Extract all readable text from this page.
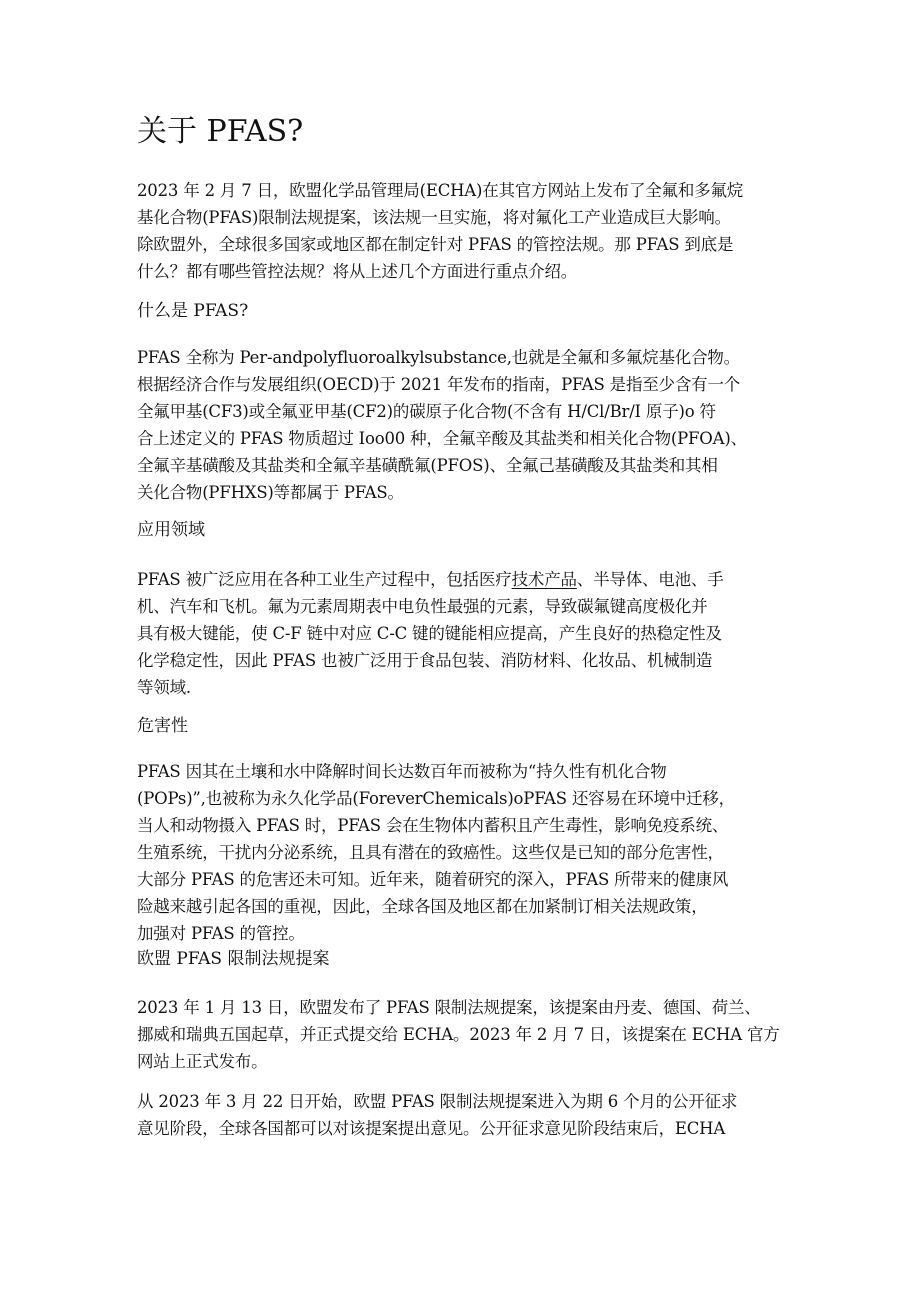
关于 PFAS?
2023 年 2 月 7 日，欧盟化学品管理局(ECHA)在其官方网站上发布了全氟和多氟烷
基化合物(PFAS)限制法规提案，该法规一旦实施，将对氟化工产业造成巨大影响。
除欧盟外，全球很多国家或地区都在制定针对 PFAS 的管控法规。那 PFAS 到底是
什么？都有哪些管控法规？将从上述几个方面进行重点介绍。
什么是 PFAS?
PFAS 全称为 Per-andpolyfluoroalkylsubstance,也就是全氟和多氟烷基化合物。
根据经济合作与发展组织(OECD)于 2021 年发布的指南，PFAS 是指至少含有一个
全氟甲基(CF3)或全氟亚甲基(CF2)的碳原子化合物(不含有 H/Cl/Br/I 原子)o 符
合上述定义的 PFAS 物质超过 Ioo00 种，全氟辛酸及其盐类和相关化合物(PFOA)、
全氟辛基磺酸及其盐类和全氟辛基磺酰氟(PFOS)、全氟己基磺酸及其盐类和其相
关化合物(PFHXS)等都属于 PFAS。
应用领域
PFAS 被广泛应用在各种工业生产过程中，包括医疗技术产品、半导体、电池、手
机、汽车和飞机。氟为元素周期表中电负性最强的元素，导致碳氟键高度极化并
具有极大键能，使 C-F 链中对应 C-C 键的键能相应提高，产生良好的热稳定性及
化学稳定性，因此 PFAS 也被广泛用于食品包装、消防材料、化妆品、机械制造
等领域.
危害性
PFAS 因其在土壤和水中降解时间长达数百年而被称为“持久性有机化合物
(POPs)”,也被称为永久化学品(ForeverChemicals)oPFAS 还容易在环境中迁移，
当人和动物摄入 PFAS 时，PFAS 会在生物体内蓄积且产生毒性，影响免疫系统、
生殖系统，干扰内分泌系统，且具有潜在的致癌性。这些仅是已知的部分危害性，
大部分 PFAS 的危害还未可知。近年来，随着研究的深入，PFAS 所带来的健康风
险越来越引起各国的重视，因此，全球各国及地区都在加紧制订相关法规政策，
加强对 PFAS 的管控。
欧盟 PFAS 限制法规提案
2023 年 1 月 13 日，欧盟发布了 PFAS 限制法规提案，该提案由丹麦、德国、荷兰、
挪威和瑞典五国起草，并正式提交给 ECHA。2023 年 2 月 7 日，该提案在 ECHA 官方
网站上正式发布。
从 2023 年 3 月 22 日开始，欧盟 PFAS 限制法规提案进入为期 6 个月的公开征求
意见阶段，全球各国都可以对该提案提出意见。公开征求意见阶段结束后，ECHA
